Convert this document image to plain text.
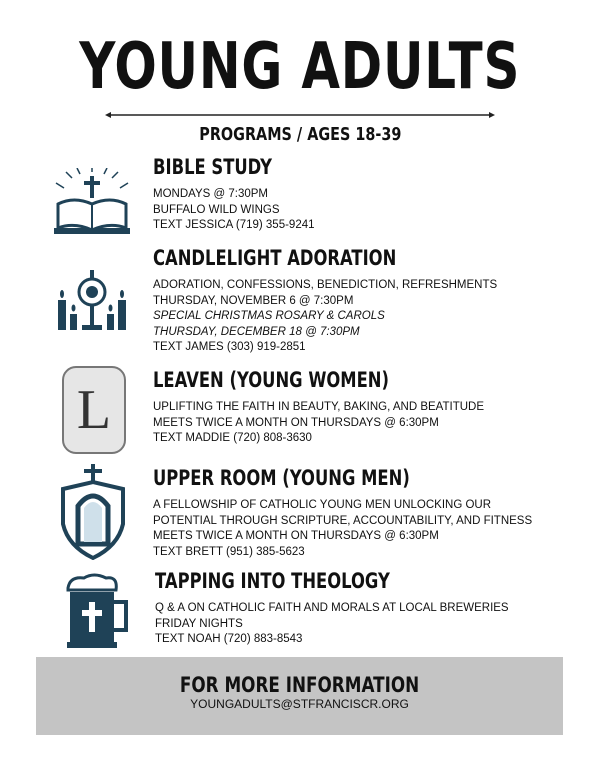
YOUNG ADULTS
PROGRAMS / AGES 18-39
L
BIBLE STUDY
MONDAYS @ 7:30PM
BUFFALO WILD WINGS
TEXT JESSICA (719) 355-9241
CANDLELIGHT ADORATION
ADORATION, CONFESSIONS, BENEDICTION, REFRESHMENTS
THURSDAY, NOVEMBER 6 @ 7:30PM
SPECIAL CHRISTMAS ROSARY & CAROLS
THURSDAY, DECEMBER 18 @ 7:30PM
TEXT JAMES (303) 919-2851
LEAVEN (YOUNG WOMEN)
UPLIFTING THE FAITH IN BEAUTY, BAKING, AND BEATITUDE
MEETS TWICE A MONTH ON THURSDAYS @ 6:30PM
TEXT MADDIE (720) 808-3630
UPPER ROOM (YOUNG MEN)
A FELLOWSHIP OF CATHOLIC YOUNG MEN UNLOCKING OUR
POTENTIAL THROUGH SCRIPTURE, ACCOUNTABILITY, AND FITNESS
MEETS TWICE A MONTH ON THURSDAYS @ 6:30PM
TEXT BRETT (951) 385-5623
TAPPING INTO THEOLOGY
Q & A ON CATHOLIC FAITH AND MORALS AT LOCAL BREWERIES
FRIDAY NIGHTS
TEXT NOAH (720) 883-8543
FOR MORE INFORMATION
YOUNGADULTS@STFRANCISCR.ORG
